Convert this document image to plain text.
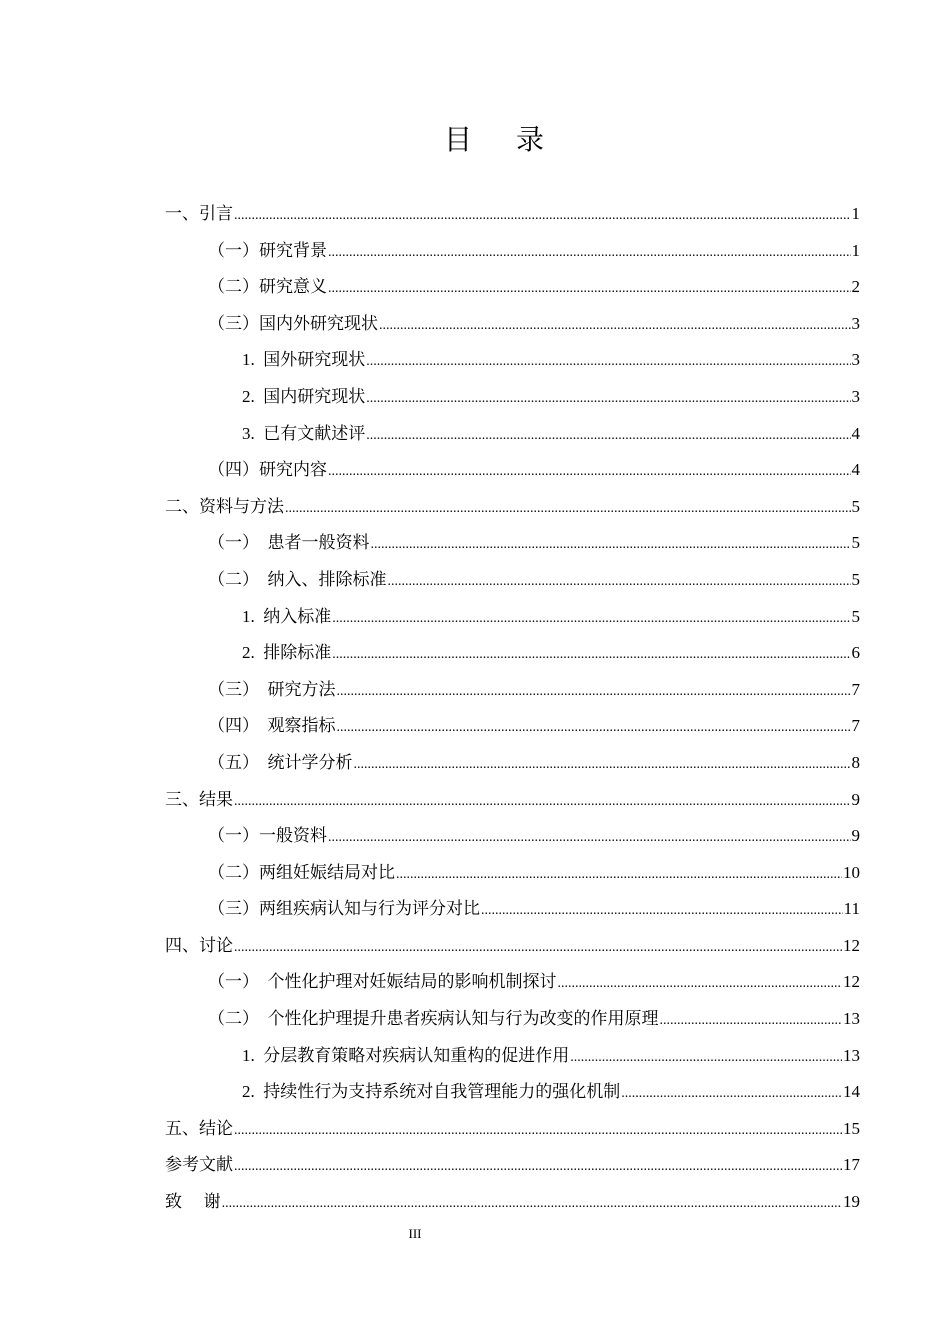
目 录
一、引言 .....	1
（一）研究背景 .....	1
（二）研究意义 .....	2
（三）国内外研究现状 .....	3
1.  国外研究现状 .....	3
2.  国内研究现状 .....	3
3.  已有文献述评 .....	4
（四）研究内容 .....	4
二、资料与方法 .....	5
（一）  患者一般资料 .....	5
（二）  纳入、排除标准 .....	5
1.  纳入标准 .....	5
2.  排除标准 .....	6
（三）  研究方法 .....	7
（四）  观察指标 .....	7
（五）  统计学分析 .....	8
三、结果 .....	9
（一）一般资料 .....	9
（二）两组妊娠结局对比 .....	10
（三）两组疾病认知与行为评分对比 .....	11
四、讨论 .....	12
（一）  个性化护理对妊娠结局的影响机制探讨 .....	12
（二）  个性化护理提升患者疾病认知与行为改变的作用原理 .....	13
1.  分层教育策略对疾病认知重构的促进作用 .....	13
2.  持续性行为支持系统对自我管理能力的强化机制 .....	14
五、结论 .....	15
参考文献 .....	17
致    谢 .....	19
III
